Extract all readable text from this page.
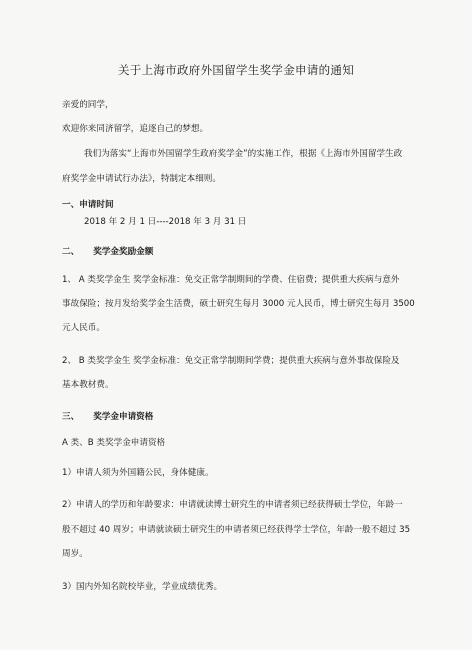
关于上海市政府外国留学生奖学金申请的通知
亲爱的同学，
欢迎你来同济留学，追逐自己的梦想。
我们为落实“上海市外国留学生政府奖学金”的实施工作，根据《上海市外国留学生政
府奖学金申请试行办法》，特制定本细则。
一、申请时间
2018 年 2 月 1 日----2018 年 3 月 31 日
二、 奖学金奖励金额
1、 A 类奖学金生 奖学金标准：免交正常学制期间的学费、住宿费；提供重大疾病与意外
事故保险；按月发给奖学金生活费，硕士研究生每月 3000 元人民币，博士研究生每月 3500
元人民币。
2、 B 类奖学金生 奖学金标准：免交正常学制期间学费；提供重大疾病与意外事故保险及
基本教材费。
三、 奖学金申请资格
A 类、B 类奖学金申请资格
1）申请人须为外国籍公民，身体健康。
2）申请人的学历和年龄要求：申请就读博士研究生的申请者须已经获得硕士学位，年龄一
般不超过 40 周岁；申请就读硕士研究生的申请者须已经获得学士学位，年龄一般不超过 35
周岁。
3）国内外知名院校毕业，学业成绩优秀。
